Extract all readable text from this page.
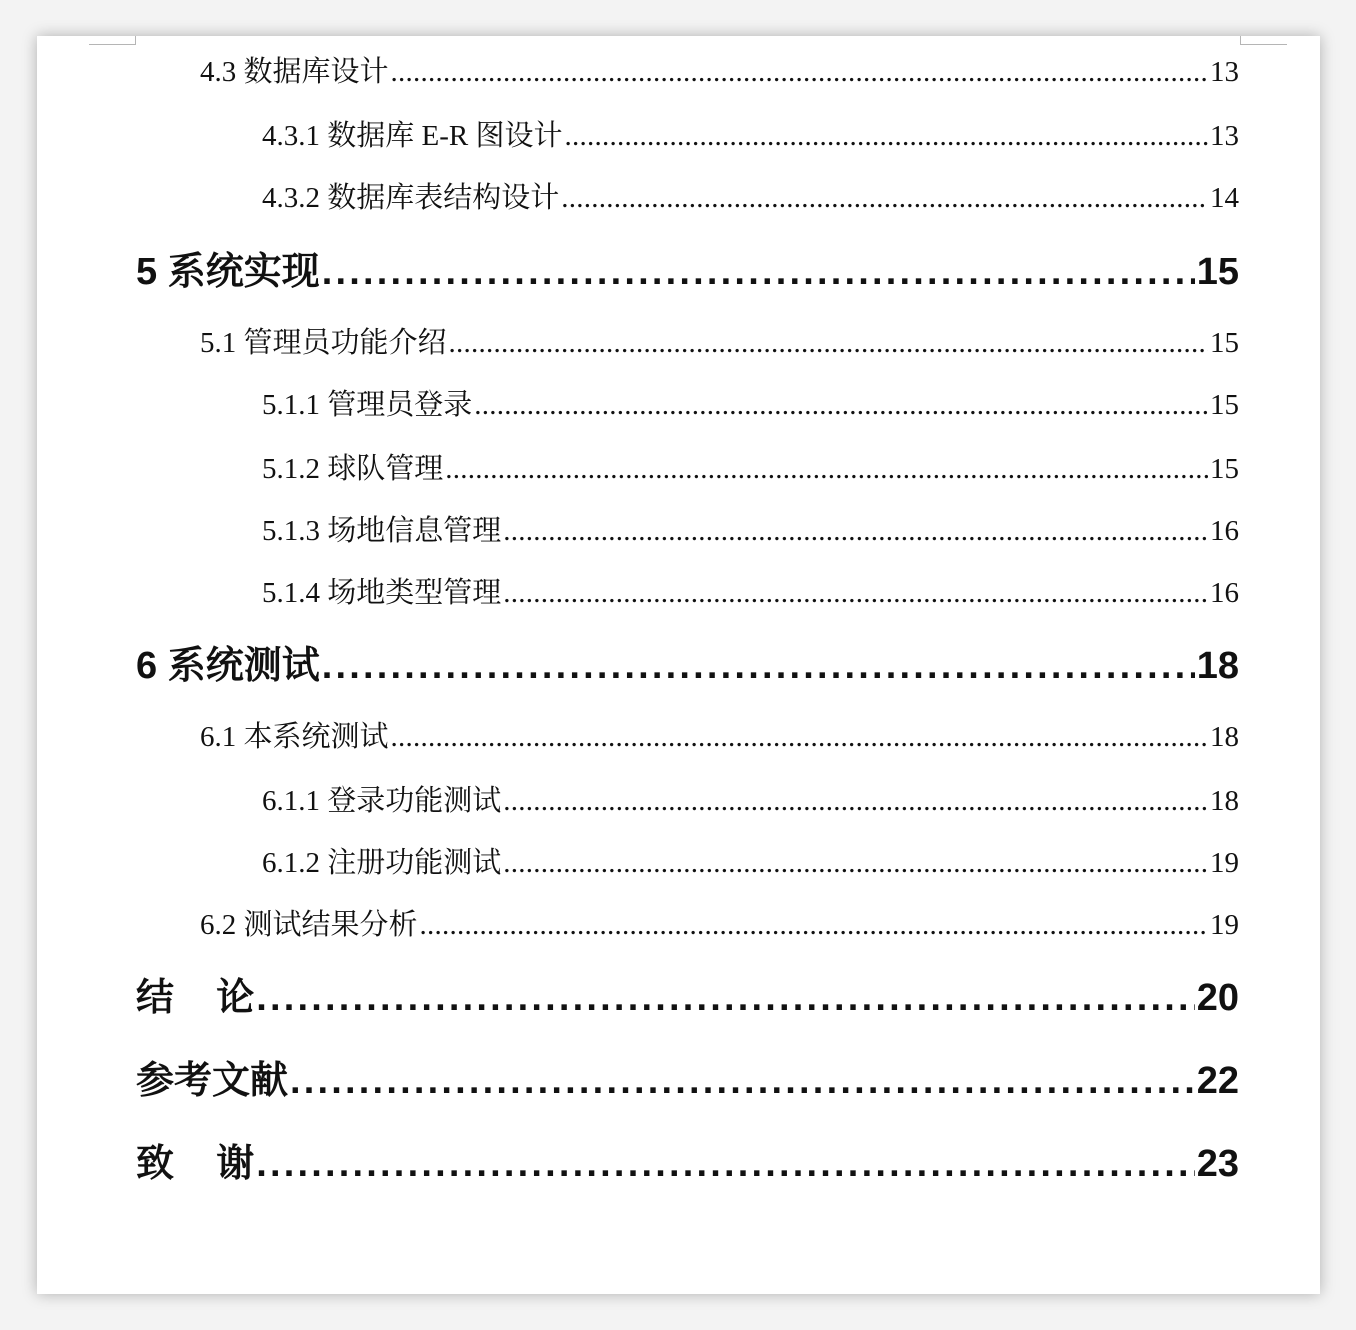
4.3 数据库设计 .....	13
4.3.1 数据库 E-R 图设计 .....	13
4.3.2 数据库表结构设计 .....	14
5 系统实现 .....	15
5.1 管理员功能介绍 .....	15
5.1.1 管理员登录 .....	15
5.1.2 球队管理 .....	15
5.1.3 场地信息管理 .....	16
5.1.4 场地类型管理 .....	16
6 系统测试 .....	18
6.1 本系统测试 .....	18
6.1.1 登录功能测试 .....	18
6.1.2 注册功能测试 .....	19
6.2 测试结果分析 .....	19
结    论 .....	20
参考文献 .....	22
致    谢 .....	23
